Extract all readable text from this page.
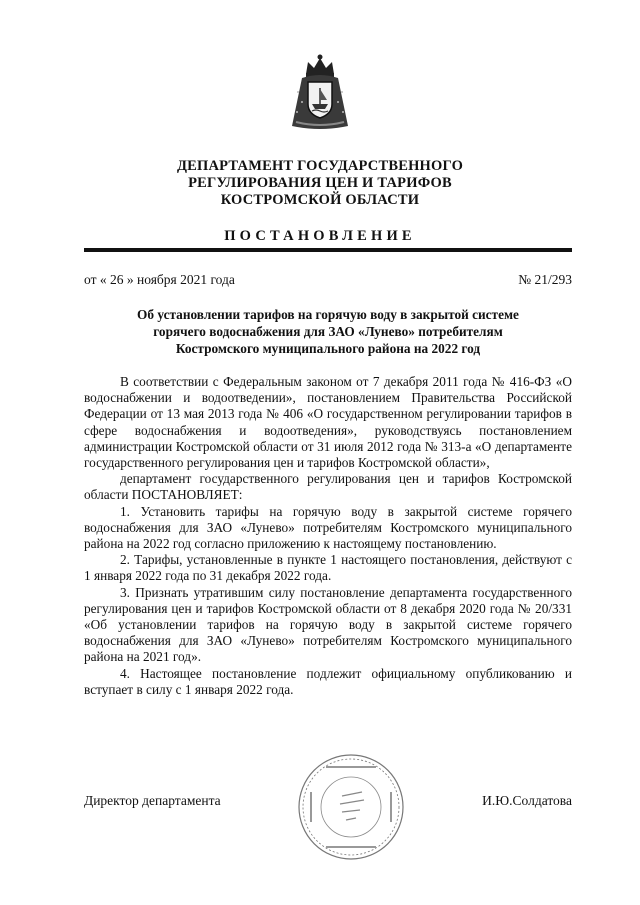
ДЕПАРТАМЕНТ ГОСУДАРСТВЕННОГО
РЕГУЛИРОВАНИЯ ЦЕН И ТАРИФОВ
КОСТРОМСКОЙ ОБЛАСТИ
ПОСТАНОВЛЕНИЕ
от « 26 » ноября 2021 года	№ 21/293
Об установлении тарифов на горячую воду в закрытой системе
горячего водоснабжения для ЗАО «Лунево» потребителям
Костромского муниципального района на 2022 год

В соответствии с Федеральным законом от 7 декабря 2011 года № 416-ФЗ «О водоснабжении и водоотведении», постановлением Правительства Российской Федерации от 13 мая 2013 года № 406 «О государственном регулировании тарифов в сфере водоснабжения и водоотведения», руководствуясь постановлением администрации Костромской области от 31 июля 2012 года № 313-а «О департаменте государственного регулирования цен и тарифов Костромской области»,

департамент государственного регулирования цен и тарифов Костромской области ПОСТАНОВЛЯЕТ:

1. Установить тарифы на горячую воду в закрытой системе горячего водоснабжения для ЗАО «Лунево» потребителям Костромского муниципального района на 2022 год согласно приложению к настоящему постановлению.

2. Тарифы, установленные в пункте 1 настоящего постановления, действуют с 1 января 2022 года по 31 декабря 2022 года.

3. Признать утратившим силу постановление департамента государственного регулирования цен и тарифов Костромской области от 8 декабря 2020 года № 20/331 «Об установлении тарифов на горячую воду в закрытой системе горячего водоснабжения для ЗАО «Лунево» потребителям Костромского муниципального района на 2021 год».

4. Настоящее постановление подлежит официальному опубликованию и вступает в силу с 1 января 2022 года.

Директор департамента	И.Ю.Солдатова
